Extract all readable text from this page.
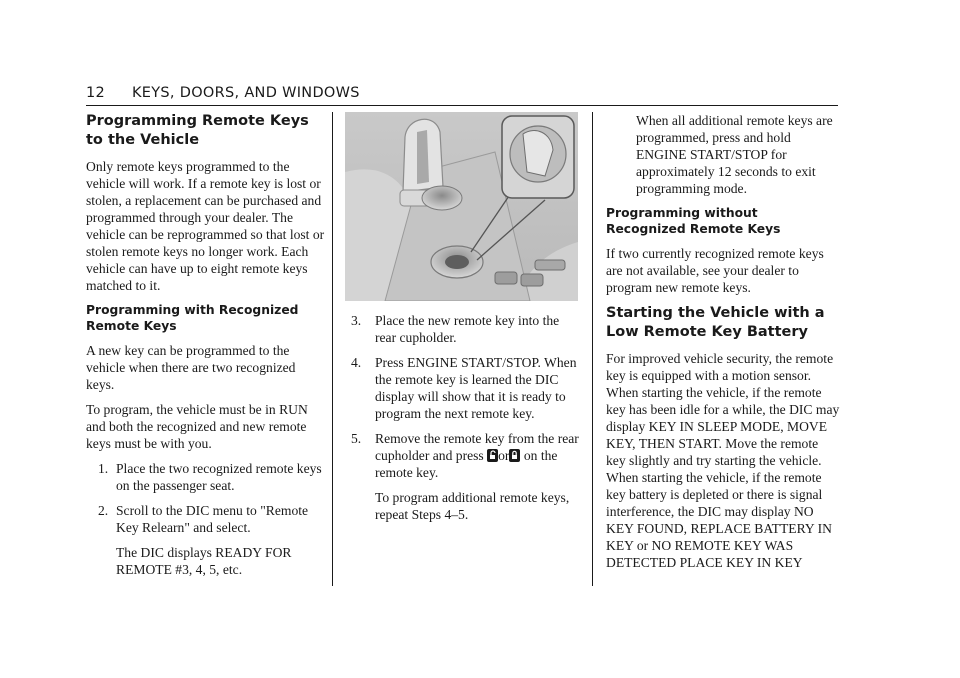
12 KEYS, DOORS, AND WINDOWS
Programming Remote Keys to the Vehicle

Only remote keys programmed to the vehicle will work. If a remote key is lost or stolen, a replacement can be purchased and programmed through your dealer. The vehicle can be reprogrammed so that lost or stolen remote keys no longer work. Each vehicle can have up to eight remote keys matched to it.

Programming with Recognized Remote Keys

A new key can be programmed to the vehicle when there are two recognized keys.

To program, the vehicle must be in RUN and both the recognized and new remote keys must be with you.

1. Place the two recognized remote keys on the passenger seat.
2. Scroll to the DIC menu to "Remote Key Relearn" and select.

The DIC displays READY FOR REMOTE #3, 4, 5, etc.

3. Place the new remote key into the rear cupholder.
4. Press ENGINE START/STOP. When the remote key is learned the DIC display will show that it is ready to program the next remote key.
5. Remove the remote key from the rear cupholder and press or on the remote key.

To program additional remote keys, repeat Steps 4–5.

When all additional remote keys are programmed, press and hold ENGINE START/STOP for approximately 12 seconds to exit programming mode.

Programming without Recognized Remote Keys

If two currently recognized remote keys are not available, see your dealer to program new remote keys.

Starting the Vehicle with a Low Remote Key Battery

For improved vehicle security, the remote key is equipped with a motion sensor. When starting the vehicle, if the remote key has been idle for a while, the DIC may display KEY IN SLEEP MODE, MOVE KEY, THEN START. Move the remote key slightly and try starting the vehicle. When starting the vehicle, if the remote key battery is depleted or there is signal interference, the DIC may display NO KEY FOUND, REPLACE BATTERY IN KEY or NO REMOTE KEY WAS DETECTED PLACE KEY IN KEY
